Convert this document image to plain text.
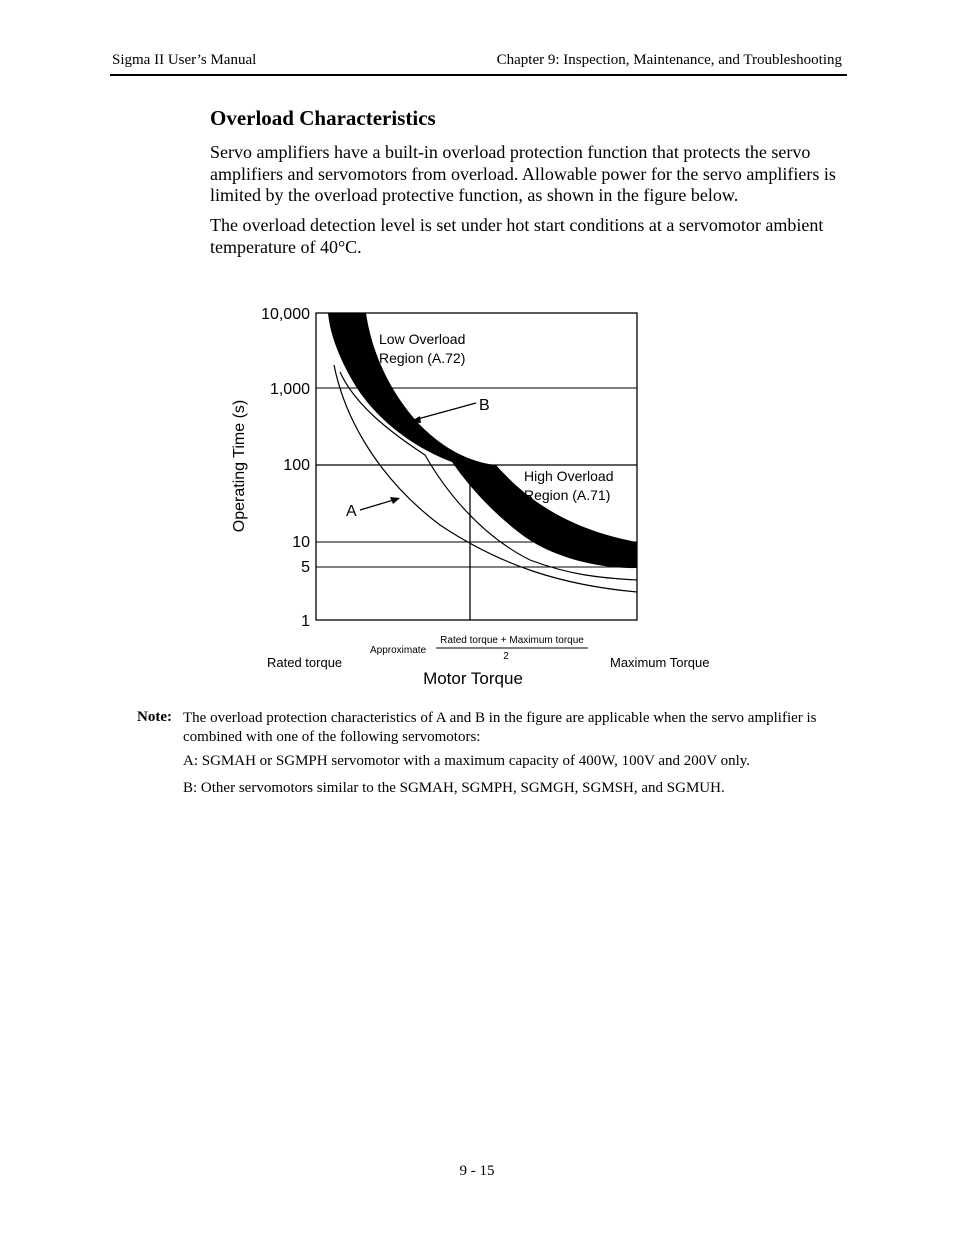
Sigma II User’s Manual	Chapter 9: Inspection, Maintenance, and Troubleshooting
Overload Characteristics
Servo amplifiers have a built-in overload protection function that protects the servo amplifiers and servomotors from overload. Allowable power for the servo amplifiers is limited by the overload protective function, as shown in the figure below.
The overload detection level is set under hot start conditions at a servomotor ambient temperature of 40°C.
10,000
1,000
100
10
5
1
Operating Time (s)
Low Overload
Region (A.72)
High Overload
Region (A.71)
A
B
Rated torque	Maximum Torque
Approximate
Rated torque + Maximum torque
2
Motor Torque
Note: The overload protection characteristics of A and B in the figure are applicable when the servo amplifier is combined with one of the following servomotors:
A: SGMAH or SGMPH servomotor with a maximum capacity of 400W, 100V and 200V only.
B: Other servomotors similar to the SGMAH, SGMPH, SGMGH, SGMSH, and SGMUH.
9 - 15
